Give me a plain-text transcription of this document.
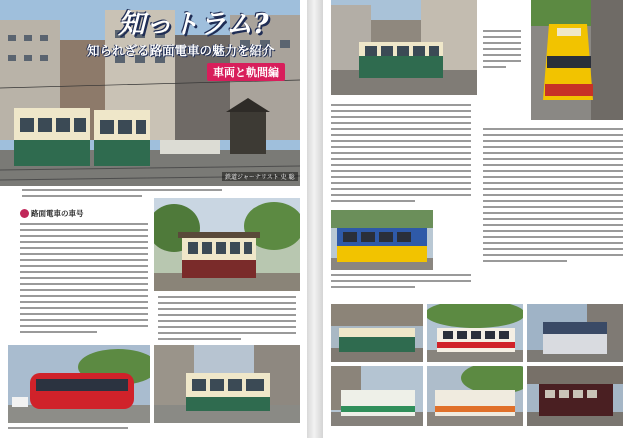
知っトラム?
知られざる路面電車の魅力を紹介
車両と軌間編
鉄道ジャーナリスト 史 聡
路面電車の車号
